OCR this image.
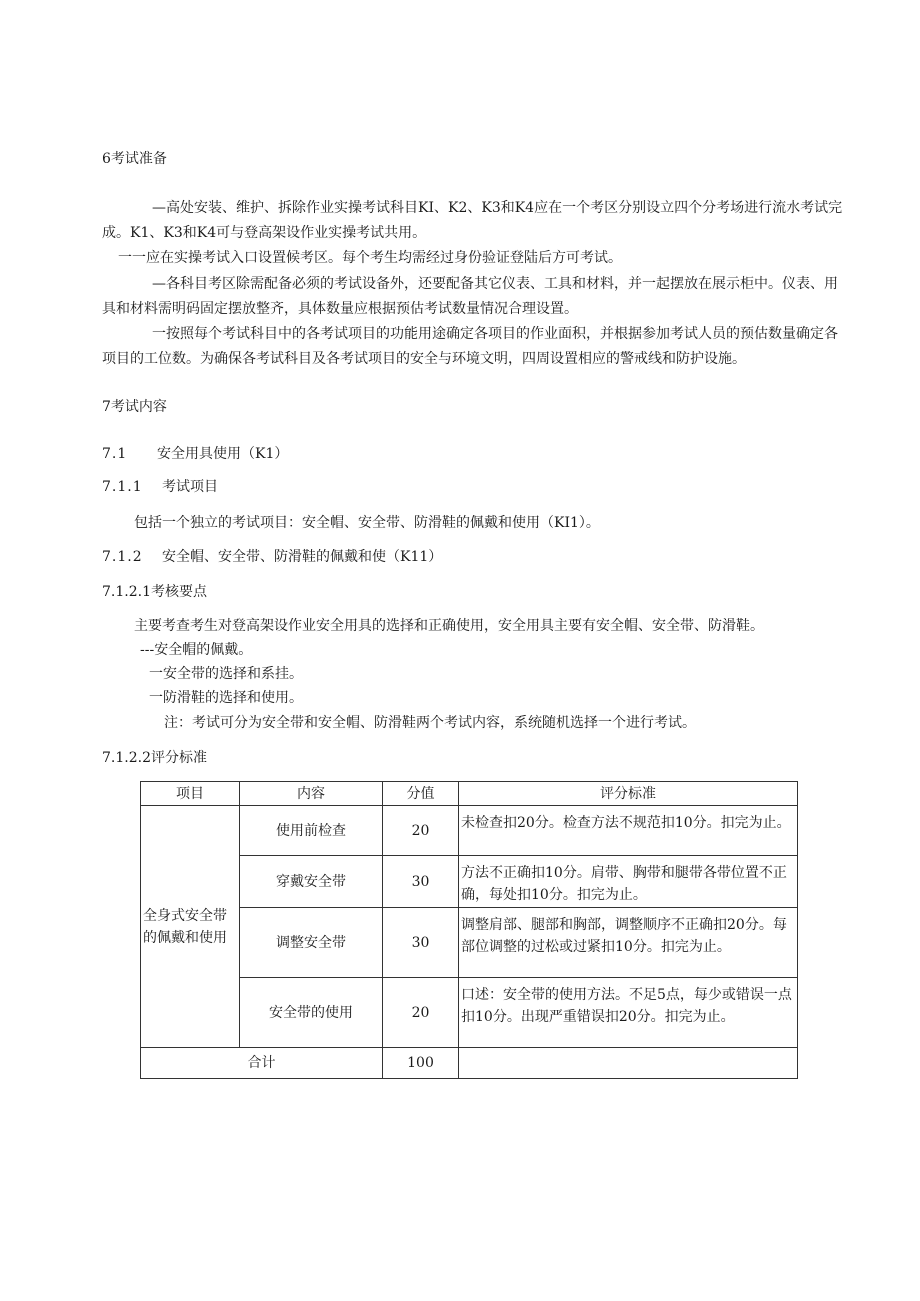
6考试准备
—高处安装、维护、拆除作业实操考试科目KI、K2、K3和K4应在一个考区分别设立四个分考场进行流水考试完
成。K1、K3和K4可与登高架设作业实操考试共用。
一一应在实操考试入口设置候考区。每个考生均需经过身份验证登陆后方可考试。
—各科目考区除需配备必须的考试设备外，还要配备其它仪表、工具和材料，并一起摆放在展示柜中。仪表、用
具和材料需明码固定摆放整齐，具体数量应根据预估考试数量情况合理设置。
一按照每个考试科目中的各考试项目的功能用途确定各项目的作业面积，并根据参加考试人员的预估数量确定各
项目的工位数。为确保各考试科目及各考试项目的安全与环境文明，四周设置相应的警戒线和防护设施。
7考试内容
7.1 安全用具使用（K1）
7.1.1 考试项目
包括一个独立的考试项目：安全帽、安全带、防滑鞋的佩戴和使用（KI1）。
7.1.2 安全帽、安全带、防滑鞋的佩戴和使（K11）
7.1.2.1考核要点
主要考查考生对登高架设作业安全用具的选择和正确使用，安全用具主要有安全帽、安全带、防滑鞋。
---安全帽的佩戴。
一安全带的选择和系挂。
一防滑鞋的选择和使用。
注：考试可分为安全带和安全帽、防滑鞋两个考试内容，系统随机选择一个进行考试。
7.1.2.2评分标准
项目	内容	分值	评分标准
全身式安全带的佩戴和使用	使用前检查	20	未检查扣20分。检查方法不规范扣10分。扣完为止。
	穿戴安全带	30	方法不正确扣10分。肩带、胸带和腿带各带位置不正确，每处扣10分。扣完为止。
	调整安全带	30	调整肩部、腿部和胸部，调整顺序不正确扣20分。每部位调整的过松或过紧扣10分。扣完为止。
	安全带的使用	20	口述：安全带的使用方法。不足5点，每少或错误一点扣10分。出现严重错误扣20分。扣完为止。
合计		100	
